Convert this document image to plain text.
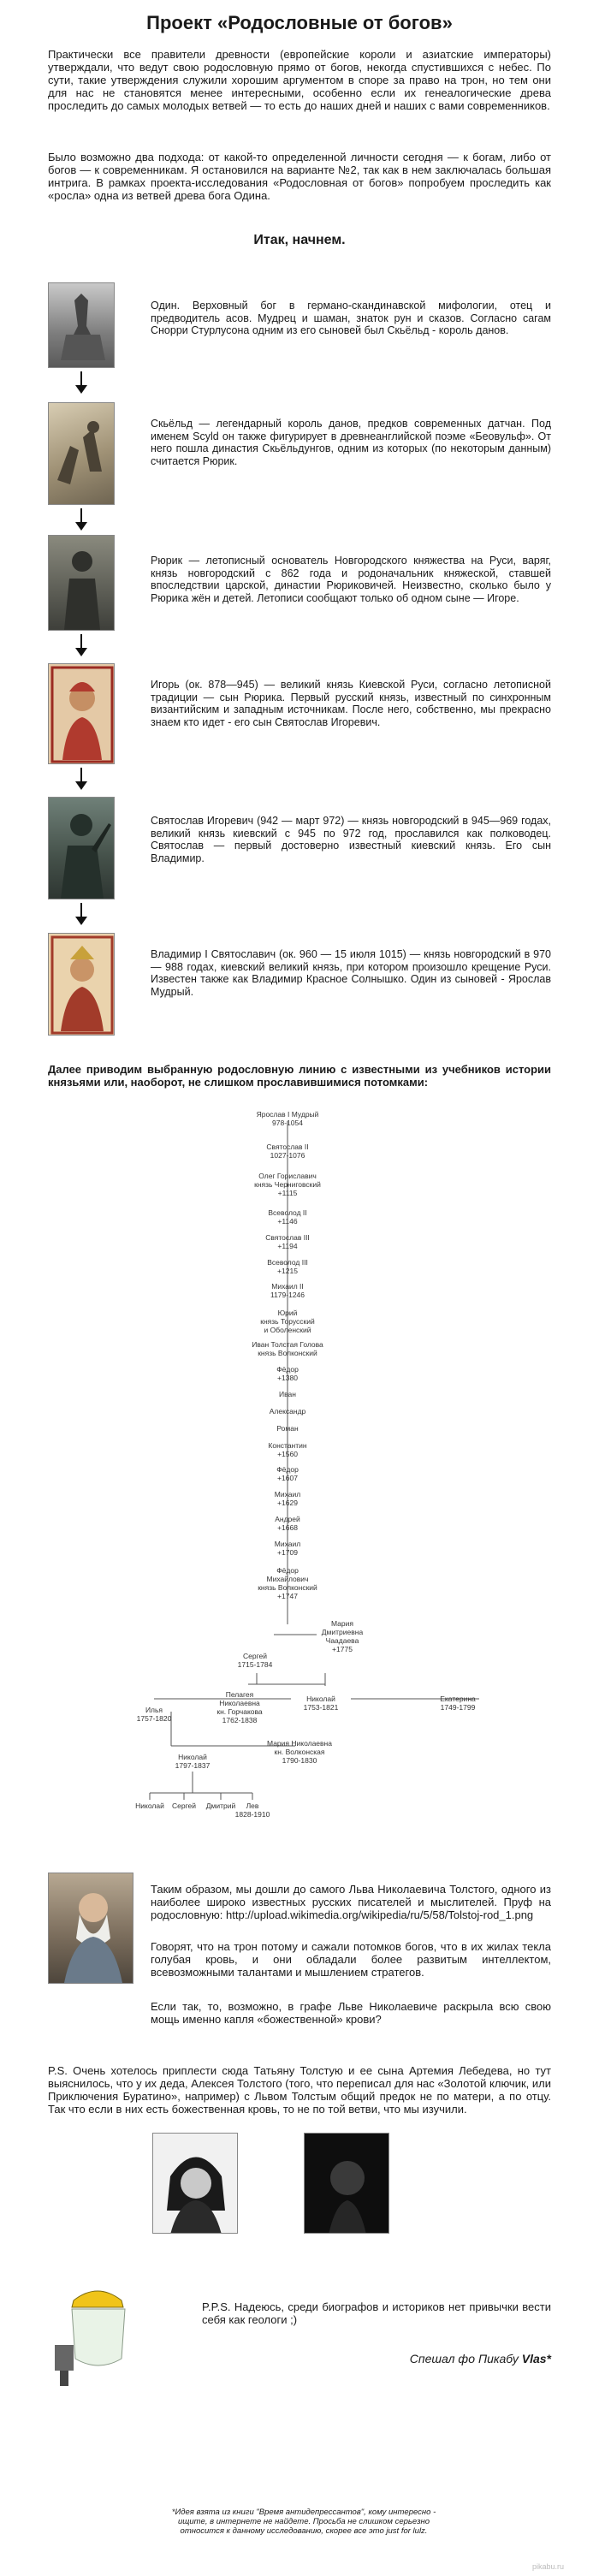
Проект «Родословные от богов»
Практически все правители древности (европейские короли и азиатские императоры) утверждали, что ведут свою родословную прямо от богов, некогда спустившихся с небес. По сути, такие утверждения служили хорошим аргументом в споре за право на трон, но тем они для нас не становятся менее интересными, особенно если их генеалогические древа проследить до самых молодых ветвей — то есть до наших дней и наших с вами современников.
Было возможно два подхода: от какой-то определенной личности сегодня — к богам, либо от богов — к современникам. Я остановился на варианте №2, так как в нем заключалась большая интрига. В рамках проекта-исследования «Родословная от богов» попробуем проследить как «росла» одна из ветвей древа бога Одина.
Итак, начнем.
Один. Верховный бог в германо-скандинавской мифологии, отец и предводитель асов. Мудрец и шаман, знаток рун и сказов. Согласно сагам Снорри Стурлусона одним из его сыновей был Скьёльд - король данов.
Скьёльд — легендарный король данов, предков современных датчан. Под именем Scyld он также фигурирует в древнеанглийской поэме «Беовульф». От него пошла династия Скьёльдунгов, одним из которых (по некоторым данным) считается Рюрик.
Рюрик — летописный основатель Новгородского княжества на Руси, варяг, князь новгородский с 862 года и родоначальник княжеской, ставшей впоследствии царской, династии Рюриковичей. Неизвестно, сколько было у Рюрика жён и детей. Летописи сообщают только об одном сыне — Игоре.
Игорь (ок. 878—945) — великий князь Киевской Руси, согласно летописной традиции — сын Рюрика. Первый русский князь, известный по синхронным византийским и западным источникам. После него, собственно, мы прекрасно знаем кто идет - его сын Святослав Игоревич.
Святослав Игоревич (942 — март 972) — князь новгородский в 945—969 годах, великий князь киевский с 945 по 972 год, прославился как полководец. Святослав — первый достоверно известный киевский князь. Его сын Владимир.
Владимир I Святославич (ок. 960 — 15 июля 1015) — князь новгородский в 970 — 988 годах, киевский великий князь, при котором произошло крещение Руси. Известен также как Владимир Красное Солнышко. Один из сыновей - Ярослав Мудрый.
Далее приводим выбранную родословную линию с известными из учебников истории князьями или, наоборот, не слишком прославившимися потомками:
Ярослав I Мудрый
978-1054
Святослав II
1027-1076
Олег Горислав​ич
князь Черниговский
+1115
Всеволод II
+1146
Святослав III
+1194
Всеволод III
+1215
Михаил II
1179-1246
Юрий
князь Торусский
и Оболенский
Иван Толстая Голова
князь Волконский
Фёдор
+1380
Иван
Александр
Роман
Константин
+1560
Фёдор
+1607
Михаил
+1629
Андрей
+1668
Михаил
+1709
Фёдор
Михайлович
князь Волконский
+1747
Сергей
1715-1784
Мария
Дмитриевна
Чаадаева
+1775
Пелагея
Николаевна
кн. Горчакова
1762-1838
Илья
1757-1820
Николай
1753-1821
Екатерина
1749-1799
Николай
1797-1837
Мария Николаевна
кн. Волконская
1790-1830
Николай Сергей Дмитрий	Лев
1828-1910
Таким образом, мы дошли до самого Льва Николаевича Толстого, одного из наиболее широко известных русских писателей и мыслителей. Пруф на родословную: http://upload.wikimedia.org/wikipedia/ru/5/58/Tolstoj-rod_1.png
Говорят, что на трон потому и сажали потомков богов, что в их жилах текла голубая кровь, и они обладали более развитым интеллектом, всевозможными талантами и мышлением стратегов.
Если так, то, возможно, в графе Льве Николаевиче раскрыла всю свою мощь именно капля «божественной» крови?
P.S. Очень хотелось приплести сюда Татьяну Толстую и ее сына Артемия Лебедева, но тут выяснилось, что у их деда, Алексея Толстого (того, что переписал для нас «Золотой ключик, или Приключения Буратино», например) с Львом Толстым общий предок не по матери, а по отцу. Так что если в них есть божественная кровь, то не по той ветви, что мы изучили.
P.P.S. Надеюсь, среди биографов и историков нет привычки вести себя как геологи ;)
Спешал фо Пикабу Vlas*
*Идея взята из книги "Время антидепрессантов", кому интересно - ищите, в интернете не найдете. Просьба не слишком серьезно относится к данному исследованию, скорее все это just for lulz.
pikabu.ru
